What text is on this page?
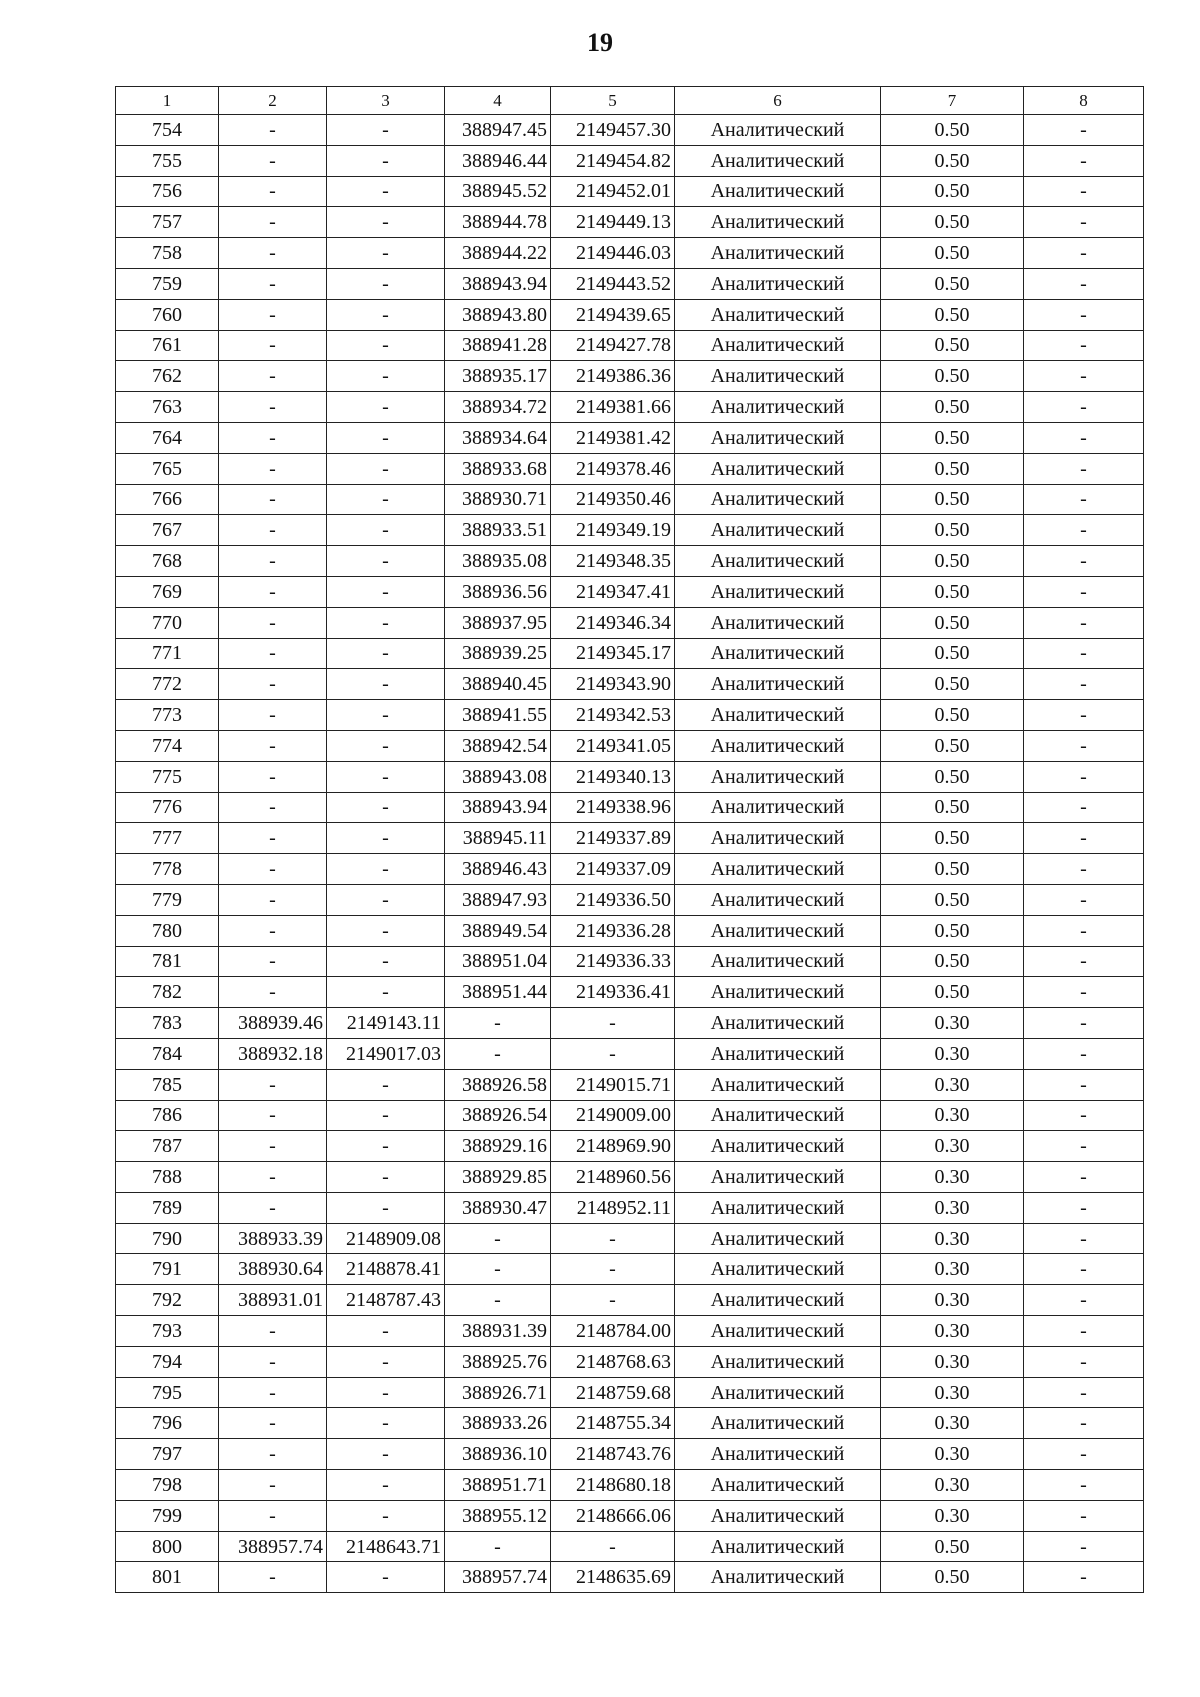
19
1	2	3	4	5	6	7	8
754	-	-	388947.45	2149457.30	Аналитический	0.50	-
755	-	-	388946.44	2149454.82	Аналитический	0.50	-
756	-	-	388945.52	2149452.01	Аналитический	0.50	-
757	-	-	388944.78	2149449.13	Аналитический	0.50	-
758	-	-	388944.22	2149446.03	Аналитический	0.50	-
759	-	-	388943.94	2149443.52	Аналитический	0.50	-
760	-	-	388943.80	2149439.65	Аналитический	0.50	-
761	-	-	388941.28	2149427.78	Аналитический	0.50	-
762	-	-	388935.17	2149386.36	Аналитический	0.50	-
763	-	-	388934.72	2149381.66	Аналитический	0.50	-
764	-	-	388934.64	2149381.42	Аналитический	0.50	-
765	-	-	388933.68	2149378.46	Аналитический	0.50	-
766	-	-	388930.71	2149350.46	Аналитический	0.50	-
767	-	-	388933.51	2149349.19	Аналитический	0.50	-
768	-	-	388935.08	2149348.35	Аналитический	0.50	-
769	-	-	388936.56	2149347.41	Аналитический	0.50	-
770	-	-	388937.95	2149346.34	Аналитический	0.50	-
771	-	-	388939.25	2149345.17	Аналитический	0.50	-
772	-	-	388940.45	2149343.90	Аналитический	0.50	-
773	-	-	388941.55	2149342.53	Аналитический	0.50	-
774	-	-	388942.54	2149341.05	Аналитический	0.50	-
775	-	-	388943.08	2149340.13	Аналитический	0.50	-
776	-	-	388943.94	2149338.96	Аналитический	0.50	-
777	-	-	388945.11	2149337.89	Аналитический	0.50	-
778	-	-	388946.43	2149337.09	Аналитический	0.50	-
779	-	-	388947.93	2149336.50	Аналитический	0.50	-
780	-	-	388949.54	2149336.28	Аналитический	0.50	-
781	-	-	388951.04	2149336.33	Аналитический	0.50	-
782	-	-	388951.44	2149336.41	Аналитический	0.50	-
783	388939.46	2149143.11	-	-	Аналитический	0.30	-
784	388932.18	2149017.03	-	-	Аналитический	0.30	-
785	-	-	388926.58	2149015.71	Аналитический	0.30	-
786	-	-	388926.54	2149009.00	Аналитический	0.30	-
787	-	-	388929.16	2148969.90	Аналитический	0.30	-
788	-	-	388929.85	2148960.56	Аналитический	0.30	-
789	-	-	388930.47	2148952.11	Аналитический	0.30	-
790	388933.39	2148909.08	-	-	Аналитический	0.30	-
791	388930.64	2148878.41	-	-	Аналитический	0.30	-
792	388931.01	2148787.43	-	-	Аналитический	0.30	-
793	-	-	388931.39	2148784.00	Аналитический	0.30	-
794	-	-	388925.76	2148768.63	Аналитический	0.30	-
795	-	-	388926.71	2148759.68	Аналитический	0.30	-
796	-	-	388933.26	2148755.34	Аналитический	0.30	-
797	-	-	388936.10	2148743.76	Аналитический	0.30	-
798	-	-	388951.71	2148680.18	Аналитический	0.30	-
799	-	-	388955.12	2148666.06	Аналитический	0.30	-
800	388957.74	2148643.71	-	-	Аналитический	0.50	-
801	-	-	388957.74	2148635.69	Аналитический	0.50	-
